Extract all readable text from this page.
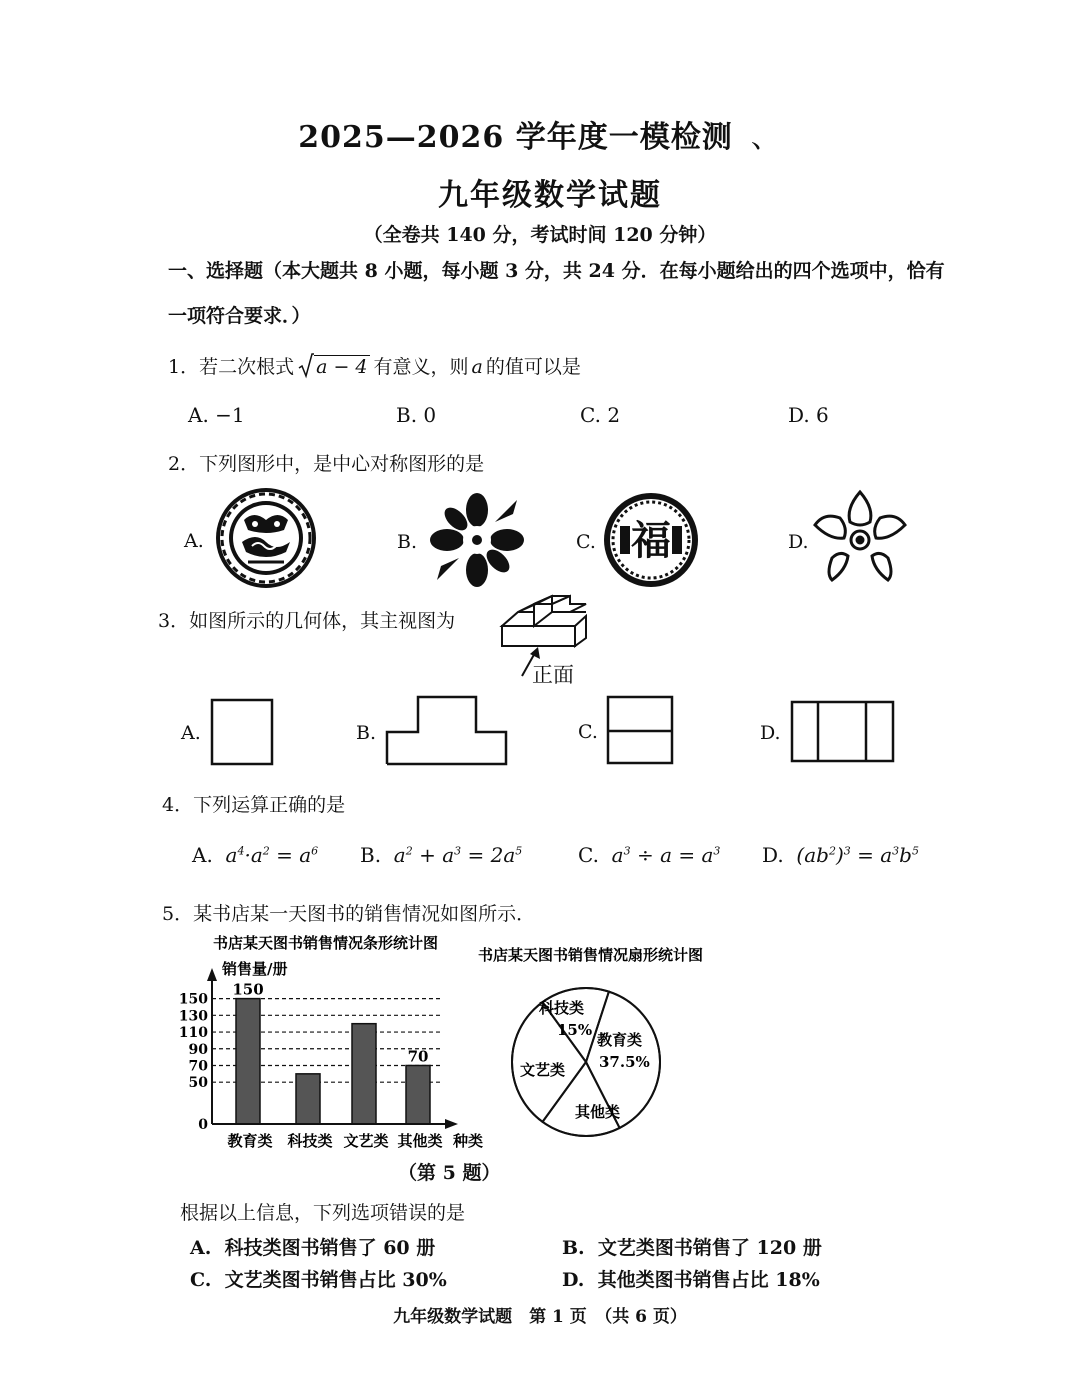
2025—2026 学年度一模检测 、
九年级数学试题
（全卷共 140 分，考试时间 120 分钟）
一、选择题（本大题共 8 小题，每小题 3 分，共 24 分．在每小题给出的四个选项中，恰有
一项符合要求．）
1．若二次根式 a − 4 有意义，则 a 的值可以是
A. −1	B. 0	C. 2	D. 6
2．下列图形中，是中心对称图形的是
A.	B.	C.	D.
福
书店某天图书销售情况条形统计图
销售量/册
种类
0
50
70
90
110
130
150
150
70
教育类 科技类 文艺类 其他类
书店某天图书销售情况扇形统计图
科技类
15%
教育类
37.5%
文艺类
其他类
A.	B.	C.	D.
3．如图所示的几何体，其主视图为
正面
4．下列运算正确的是
A. $a^4\cdot a^2 = a^6$ B. $a^2 + a^3 = 2a^5$	C. $a^3 \div a = a^3$ D. $(ab^2)^3 = a^3b^5$
5．某书店某一天图书的销售情况如图所示．
（第 5 题）
根据以上信息，下列选项错误的是
A. 科技类图书销售了 60 册	B. 文艺类图书销售了 120 册
C. 文艺类图书销售占比 30%	D. 其他类图书销售占比 18%
九年级数学试题　第 1 页　（共 6 页）
